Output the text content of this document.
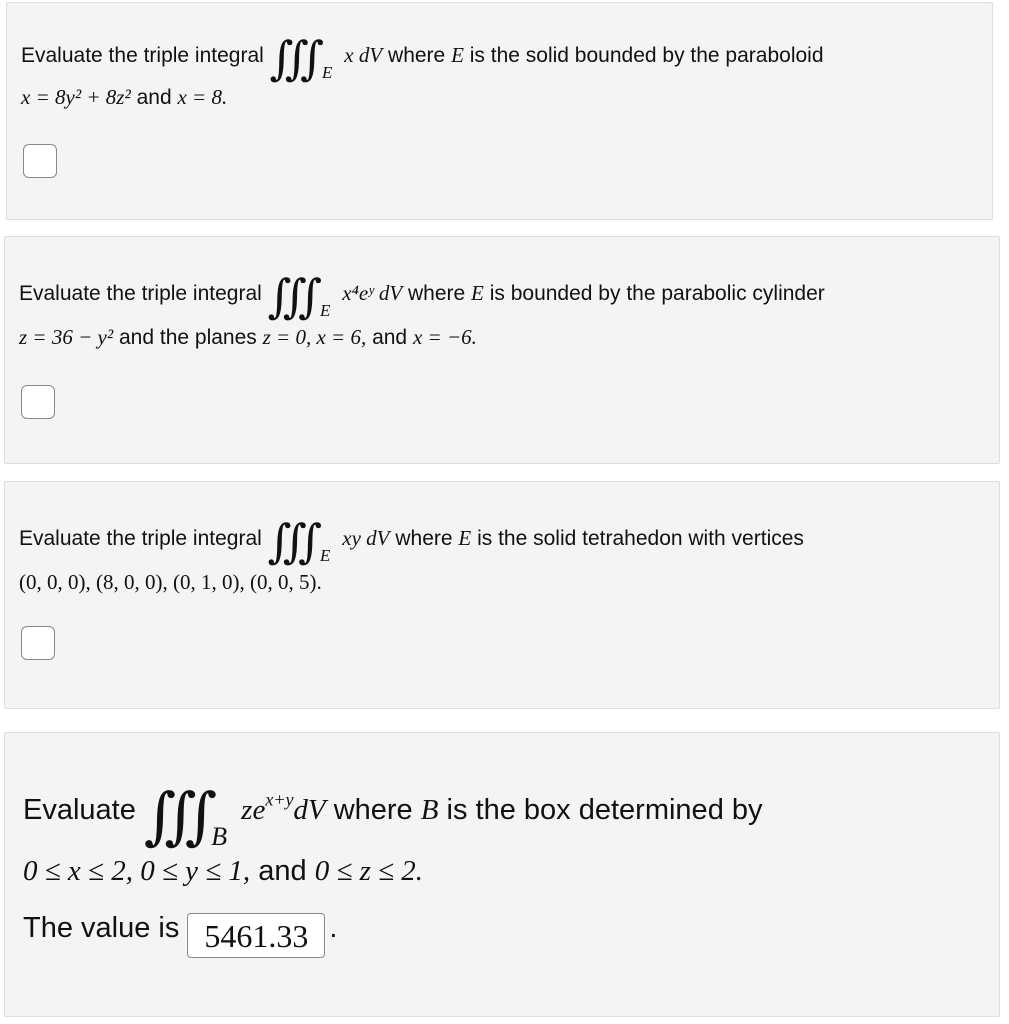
Evaluate the triple integral ∭ E x dV where E is the solid bounded by the paraboloid
x = 8y² + 8z² and x = 8.
Evaluate the triple integral ∭ E x⁴eʸ dV where E is bounded by the parabolic cylinder
z = 36 − y² and the planes z = 0, x = 6, and x = −6.
Evaluate the triple integral ∭ E xy dV where E is the solid tetrahedon with vertices
(0, 0, 0), (8, 0, 0), (0, 1, 0), (0, 0, 5).
Evaluate ∭ B $ze^{x+y}dV$ where B is the box determined by
0 ≤ x ≤ 2, 0 ≤ y ≤ 1, and 0 ≤ z ≤ 2.
The value is 5461.33 .
